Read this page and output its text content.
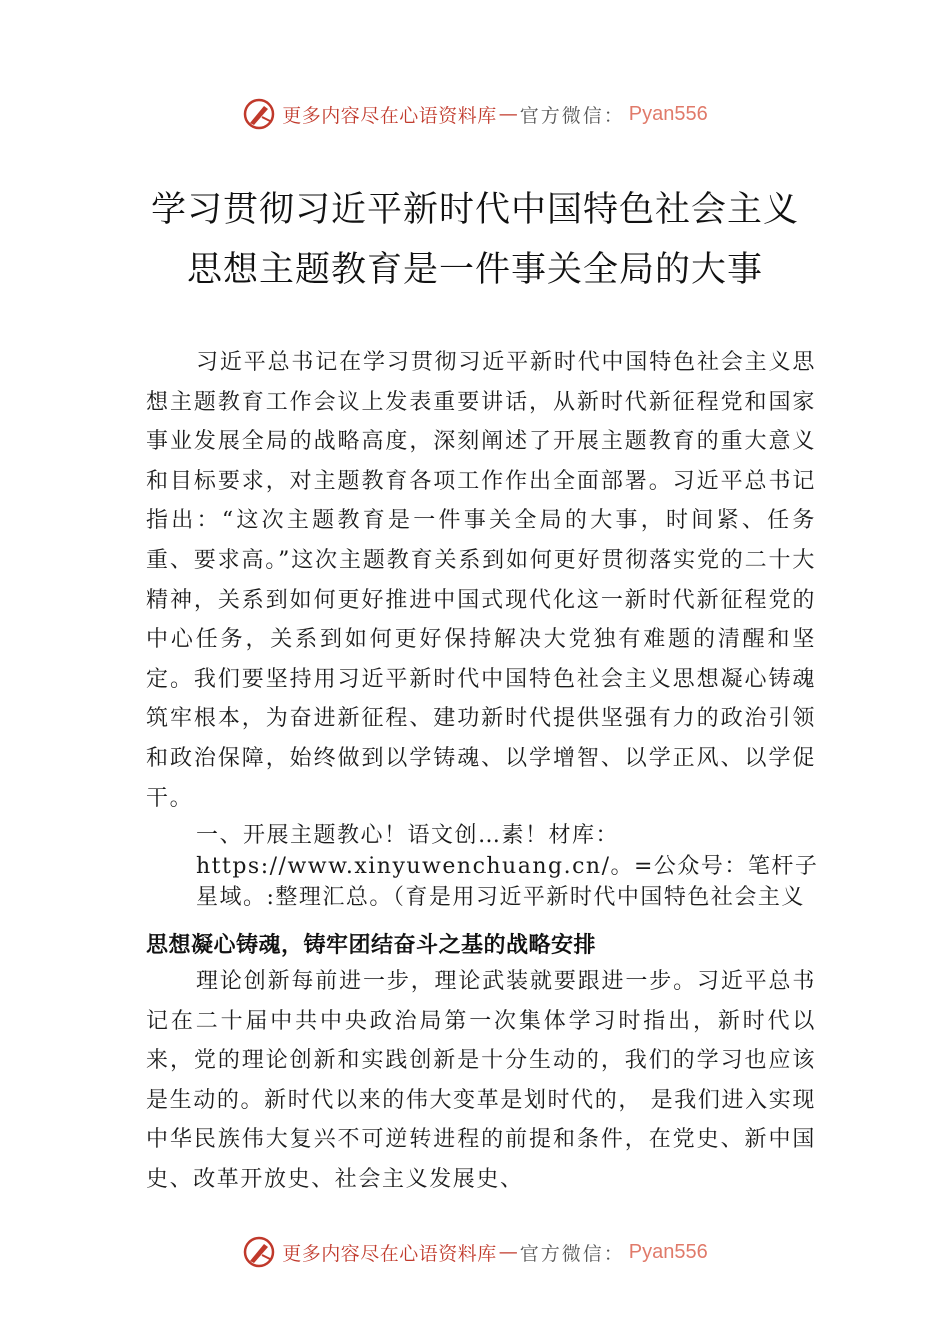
更多内容尽在心语资料库 — 官方微信： Pyan556
学习贯彻习近平新时代中国特色社会主义
思想主题教育是一件事关全局的大事

习近平总书记在学习贯彻习近平新时代中国特色社会主义思想主题教育工作会议上发表重要讲话，从新时代新征程党和国家事业发展全局的战略高度，深刻阐述了开展主题教育的重大意义和目标要求，对主题教育各项工作作出全面部署。习近平总书记指出：“这次主题教育是一件事关全局的大事，时间紧、任务重、要求高。”这次主题教育关系到如何更好贯彻落实党的二十大精神，关系到如何更好推进中国式现代化这一新时代新征程党的中心任务，关系到如何更好保持解决大党独有难题的清醒和坚定。我们要坚持用习近平新时代中国特色社会主义思想凝心铸魂筑牢根本，为奋进新征程、建功新时代提供坚强有力的政治引领和政治保障，始终做到以学铸魂、以学增智、以学正风、以学促干。

一、开展主题教心！语文创…素！材库：https://www.xinyuwenchuang.cn/。=公众号：笔杆子星域。:整理汇总。（育是用习近平新时代中国特色社会主义
思想凝心铸魂，铸牢团结奋斗之基的战略安排

理论创新每前进一步，理论武装就要跟进一步。习近平总书记在二十届中共中央政治局第一次集体学习时指出，新时代以来，党的理论创新和实践创新是十分生动的，我们的学习也应该是生动的。新时代以来的伟大变革是划时代的， 是我们进入实现中华民族伟大复兴不可逆转进程的前提和条件，在党史、新中国史、改革开放史、社会主义发展史、

更多内容尽在心语资料库 — 官方微信： Pyan556
